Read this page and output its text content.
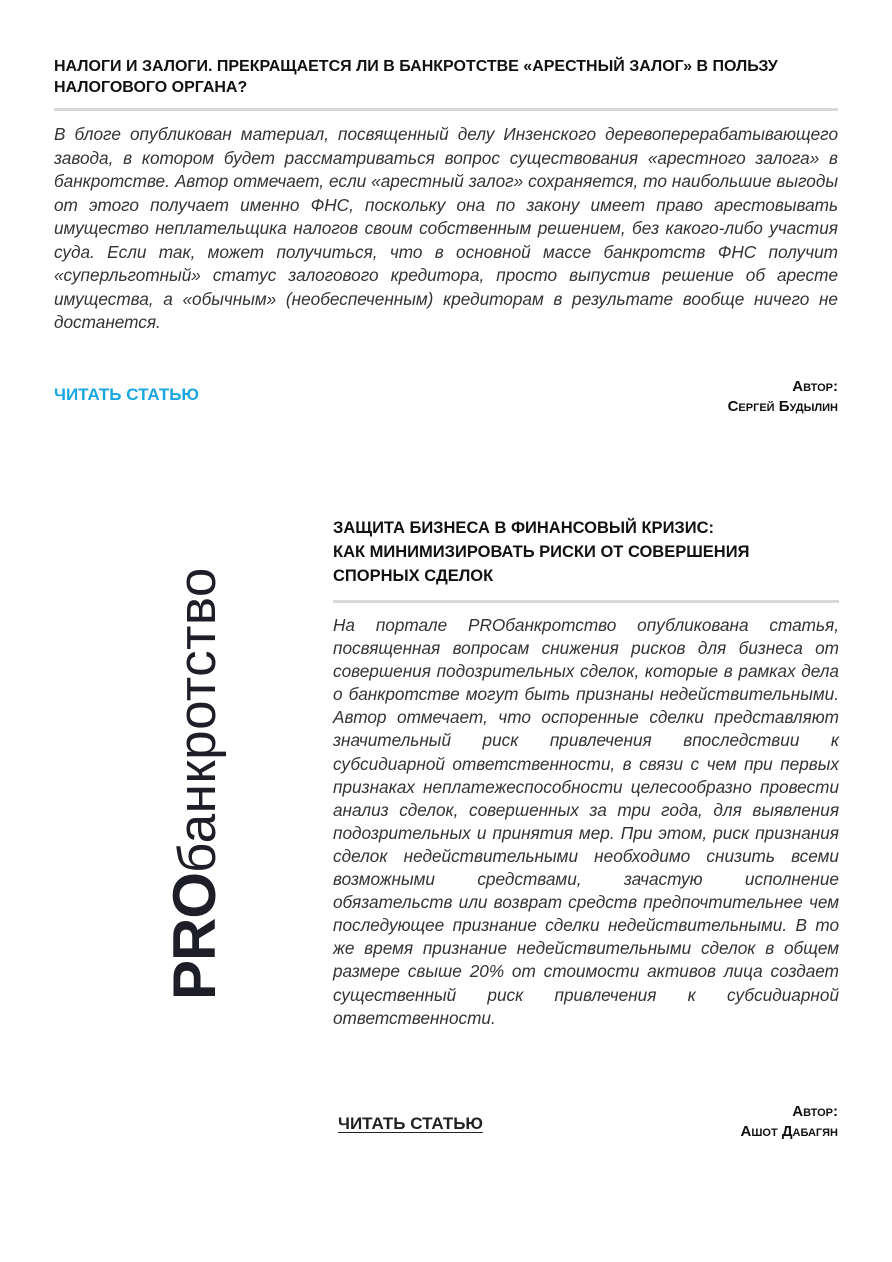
НАЛОГИ И ЗАЛОГИ. ПРЕКРАЩАЕТСЯ ЛИ В БАНКРОТСТВЕ «АРЕСТНЫЙ ЗАЛОГ» В ПОЛЬЗУ НАЛОГОВОГО ОРГАНА?

В блоге опубликован материал, посвященный делу Инзенского деревоперерабатывающего завода, в котором будет рассматриваться вопрос существования «арестного залога» в банкротстве. Автор отмечает, если «арестный залог» сохраняется, то наибольшие выгоды от этого получает именно ФНС, поскольку она по закону имеет право арестовывать имущество неплательщика налогов своим собственным решением, без какого-либо участия суда. Если так, может получиться, что в основной массе банкротств ФНС получит «суперльготный» статус залогового кредитора, просто выпустив решение об аресте имущества, а «обычным» (необеспеченным) кредиторам в результате вообще ничего не достанется.

ЧИТАТЬ СТАТЬЮ	Автор:
Сергей Будылин
PROбанкротство
ЗАЩИТА БИЗНЕСА В ФИНАНСОВЫЙ КРИЗИС:
КАК МИНИМИЗИРОВАТЬ РИСКИ ОТ СОВЕРШЕНИЯ
СПОРНЫХ СДЕЛОК

На портале PROбанкротство опубликована статья, посвященная вопросам снижения рисков для бизнеса от совершения подозрительных сделок, которые в рамках дела о банкротстве могут быть признаны недействительными. Автор отмечает, что оспоренные сделки представляют значительный риск привлечения впоследствии к субсидиарной ответственности, в связи с чем при первых признаках неплатежеспособности целесообразно провести анализ сделок, совершенных за три года, для выявления подозрительных и принятия мер. При этом, риск признания сделок недействительными необходимо снизить всеми возможными средствами, зачастую исполнение обязательств или возврат средств предпочтительнее чем последующее признание сделки недействительными. В то же время признание недействительными сделок в общем размере свыше 20% от стоимости активов лица создает существенный риск привлечения к субсидиарной ответственности.

ЧИТАТЬ СТАТЬЮ
Автор:
Ашот Дабагян
